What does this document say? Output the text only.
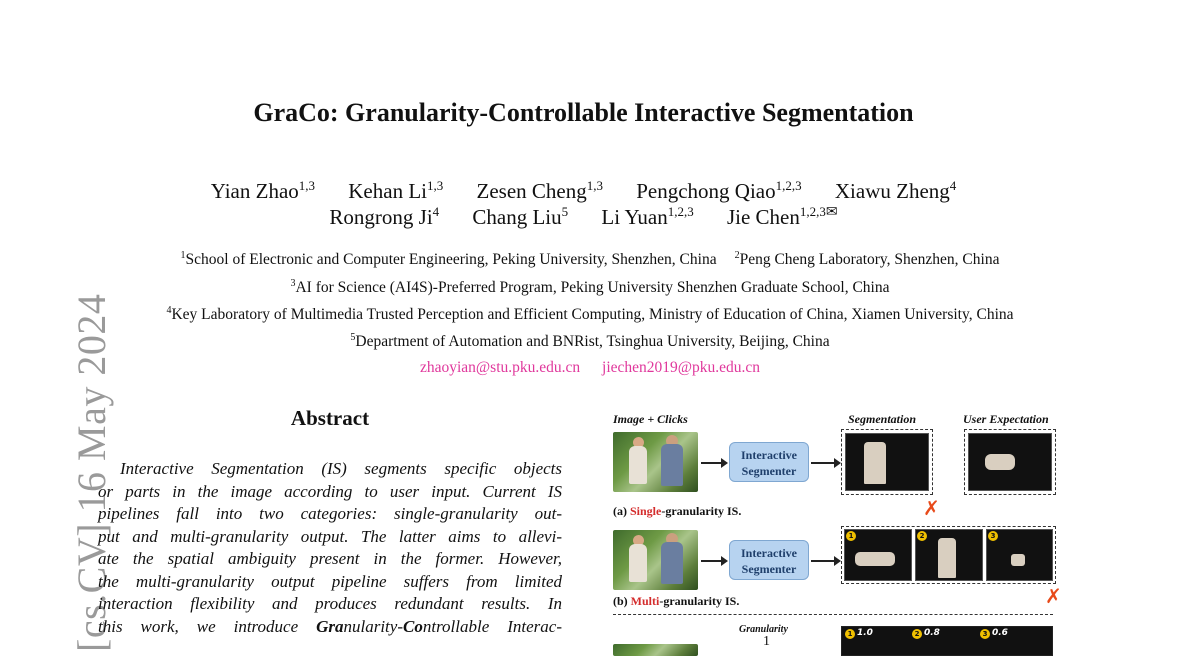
[cs.CV] 16 May 2024
GraCo: Granularity-Controllable Interactive Segmentation
Yian Zhao$^{1,3}$ Kehan Li$^{1,3}$ Zesen Cheng$^{1,3}$ Pengchong Qiao$^{1,2,3}$ Xiawu Zheng$^4$
Rongrong Ji$^4$ Chang Liu$^5$ Li Yuan$^{1,2,3}$ Jie Chen$^{1,2,3✉}$
$^1$School of Electronic and Computer Engineering, Peking University, Shenzhen, China $^2$Peng Cheng Laboratory, Shenzhen, China
$^3$AI for Science (AI4S)-Preferred Program, Peking University Shenzhen Graduate School, China
$^4$Key Laboratory of Multimedia Trusted Perception and Efficient Computing, Ministry of Education of China, Xiamen University, China
$^5$Department of Automation and BNRist, Tsinghua University, Beijing, China
zhaoyian@stu.pku.edu.cn jiechen2019@pku.edu.cn
Abstract
Interactive Segmentation (IS) segments specific objects
or parts in the image according to user input. Current IS
pipelines fall into two categories: single-granularity out-
put and multi-granularity output. The latter aims to allevi-
ate the spatial ambiguity present in the former. However,
the multi-granularity output pipeline suffers from limited
interaction flexibility and produces redundant results. In
this work, we introduce Granularity-Controllable Interac-
Image + Clicks	Segmentation	User Expectation
Interactive
Segmenter
(a) Single-granularity IS.	✗
Interactive
Segmenter
1	2	3
(b) Multi-granularity IS.	✗
Granularity
1	1 1.0	2 0.8	3 0.6
